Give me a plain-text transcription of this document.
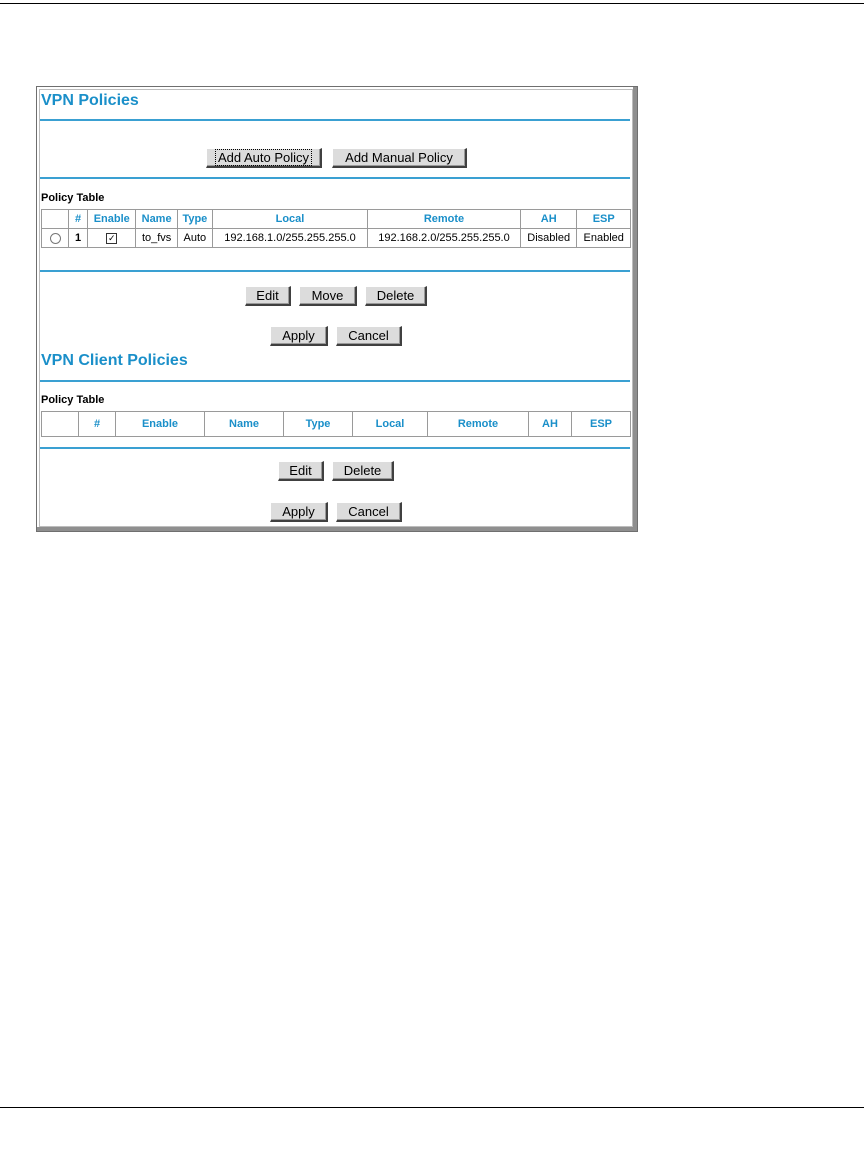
VPN Policies
Add Auto Policy	Add Manual Policy
Policy Table
	#	Enable	Name	Type	Local	Remote	AH	ESP
	1	✓	to_fvs	Auto	192.168.1.0/255.255.255.0	192.168.2.0/255.255.255.0	Disabled	Enabled
Edit	Move	Delete
Apply	Cancel
VPN Client Policies
Policy Table
	#	Enable	Name	Type	Local	Remote	AH	ESP
Edit	Delete
Apply	Cancel
